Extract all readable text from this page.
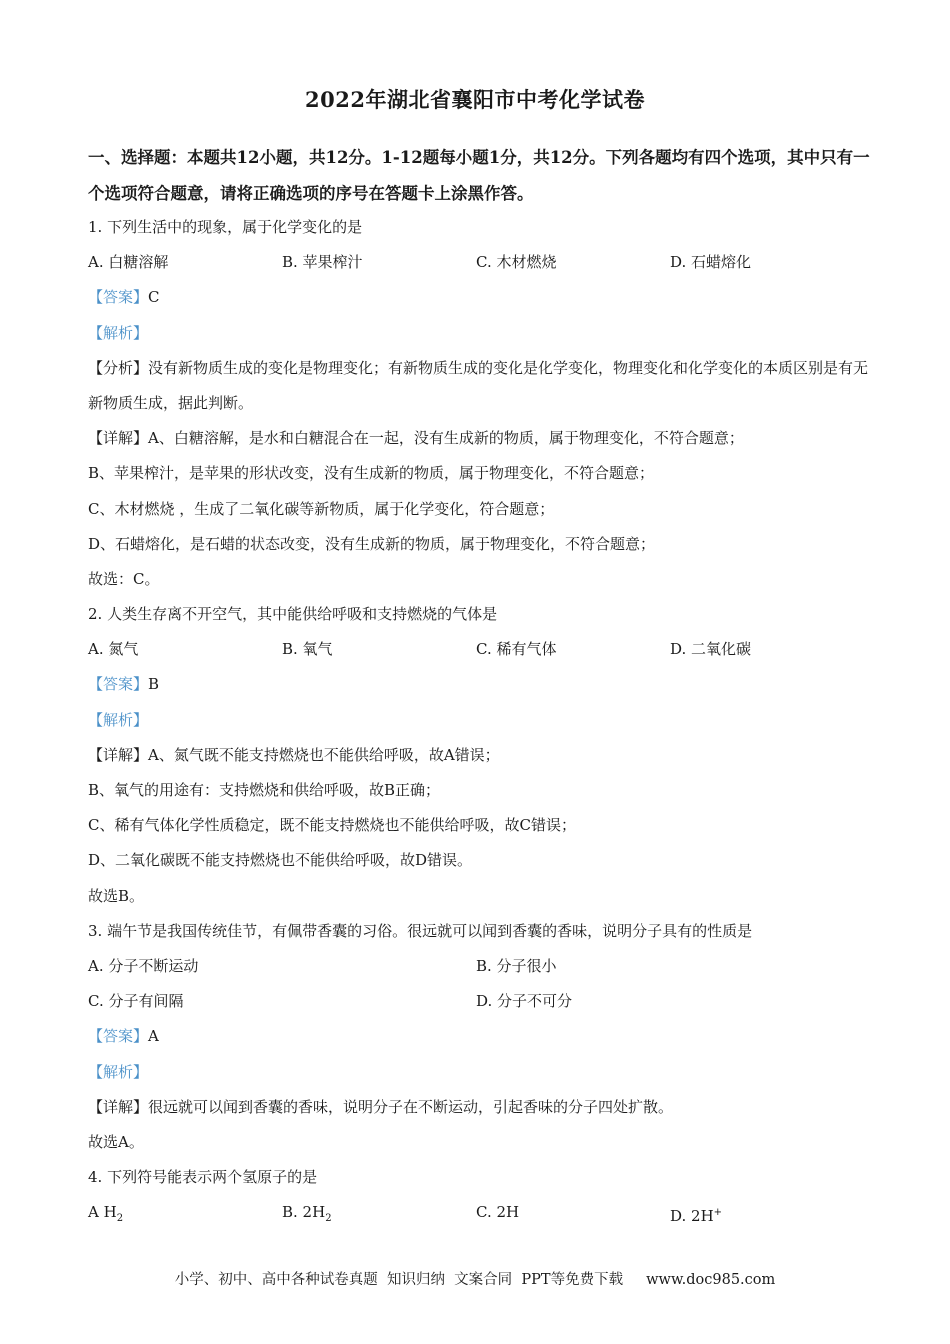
2022年湖北省襄阳市中考化学试卷
一、选择题：本题共12小题，共12分。1-12题每小题1分，共12分。下列各题均有四个选项，其中只有一个选项符合题意，请将正确选项的序号在答题卡上涂黑作答。
1. 下列生活中的现象，属于化学变化的是
A. 白糖溶解	B. 苹果榨汁	C. 木材燃烧	D. 石蜡熔化
【答案】C
【解析】
【分析】没有新物质生成的变化是物理变化；有新物质生成的变化是化学变化，物理变化和化学变化的本质区别是有无新物质生成，据此判断。
【详解】A、白糖溶解，是水和白糖混合在一起，没有生成新的物质，属于物理变化，不符合题意；
B、苹果榨汁，是苹果的形状改变，没有生成新的物质，属于物理变化，不符合题意；
C、木材燃烧 ，生成了二氧化碳等新物质，属于化学变化，符合题意；
D、石蜡熔化，是石蜡的状态改变，没有生成新的物质，属于物理变化，不符合题意；
故选：C。
2. 人类生存离不开空气，其中能供给呼吸和支持燃烧的气体是
A. 氮气	B. 氧气	C. 稀有气体	D. 二氧化碳
【答案】B
【解析】
【详解】A、氮气既不能支持燃烧也不能供给呼吸，故A错误；
B、氧气的用途有：支持燃烧和供给呼吸，故B正确；
C、稀有气体化学性质稳定，既不能支持燃烧也不能供给呼吸，故C错误；
D、二氧化碳既不能支持燃烧也不能供给呼吸，故D错误。
故选B。
3. 端午节是我国传统佳节，有佩带香囊的习俗。很远就可以闻到香囊的香味，说明分子具有的性质是
A. 分子不断运动	B. 分子很小
C. 分子有间隔	D. 分子不可分
【答案】A
【解析】
【详解】很远就可以闻到香囊的香味，说明分子在不断运动，引起香味的分子四处扩散。
故选A。
4. 下列符号能表示两个氢原子的是
A $H_2$	B. $2H_2$	C. 2H	D. 2H+
小学、初中、高中各种试卷真题  知识归纳  文案合同  PPT等免费下载     www.doc985.com
